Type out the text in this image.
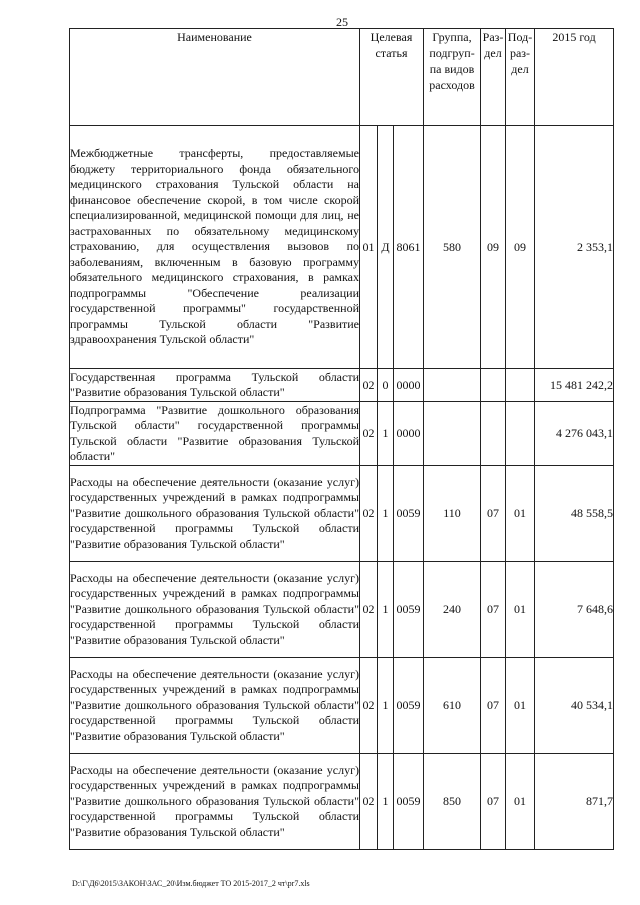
25
Наименование	Целевая статья			Группа, подгруп-па видов расходов	Раз-дел	Под-раз-дел	2015 год
Межбюджетные трансферты, предоставляемые бюджету территориального фонда обязательного медицинского страхования Тульской области на финансовое обеспечение скорой, в том числе скорой специализированной, медицинской помощи для лиц, не застрахованных по обязательному медицинскому страхованию, для осуществления вызовов по заболеваниям, включенным в базовую программу обязательного медицинского страхования, в рамках подпрограммы "Обеспечение реализации государственной программы" государственной программы Тульской области "Развитие здравоохранения Тульской области"	01	Д	8061	580	09	09	2 353,1
Государственная программа Тульской области "Развитие образования Тульской области"	02	0	0000				15 481 242,2
Подпрограмма "Развитие дошкольного образования Тульской области" государственной программы Тульской области "Развитие образования Тульской области"	02	1	0000				4 276 043,1
Расходы на обеспечение деятельности (оказание услуг) государственных учреждений в рамках подпрограммы "Развитие дошкольного образования Тульской области" государственной программы Тульской области "Развитие образования Тульской области"	02	1	0059	110	07	01	48 558,5
Расходы на обеспечение деятельности (оказание услуг) государственных учреждений в рамках подпрограммы "Развитие дошкольного образования Тульской области" государственной программы Тульской области "Развитие образования Тульской области"	02	1	0059	240	07	01	7 648,6
Расходы на обеспечение деятельности (оказание услуг) государственных учреждений в рамках подпрограммы "Развитие дошкольного образования Тульской области" государственной программы Тульской области "Развитие образования Тульской области"	02	1	0059	610	07	01	40 534,1
Расходы на обеспечение деятельности (оказание услуг) государственных учреждений в рамках подпрограммы "Развитие дошкольного образования Тульской области" государственной программы Тульской области "Развитие образования Тульской области"	02	1	0059	850	07	01	871,7
D:\Г\Д6\2015\ЗАКОН\ЗАС_20\Изм.бюджет ТО 2015-2017_2 чт\pr7.xls
